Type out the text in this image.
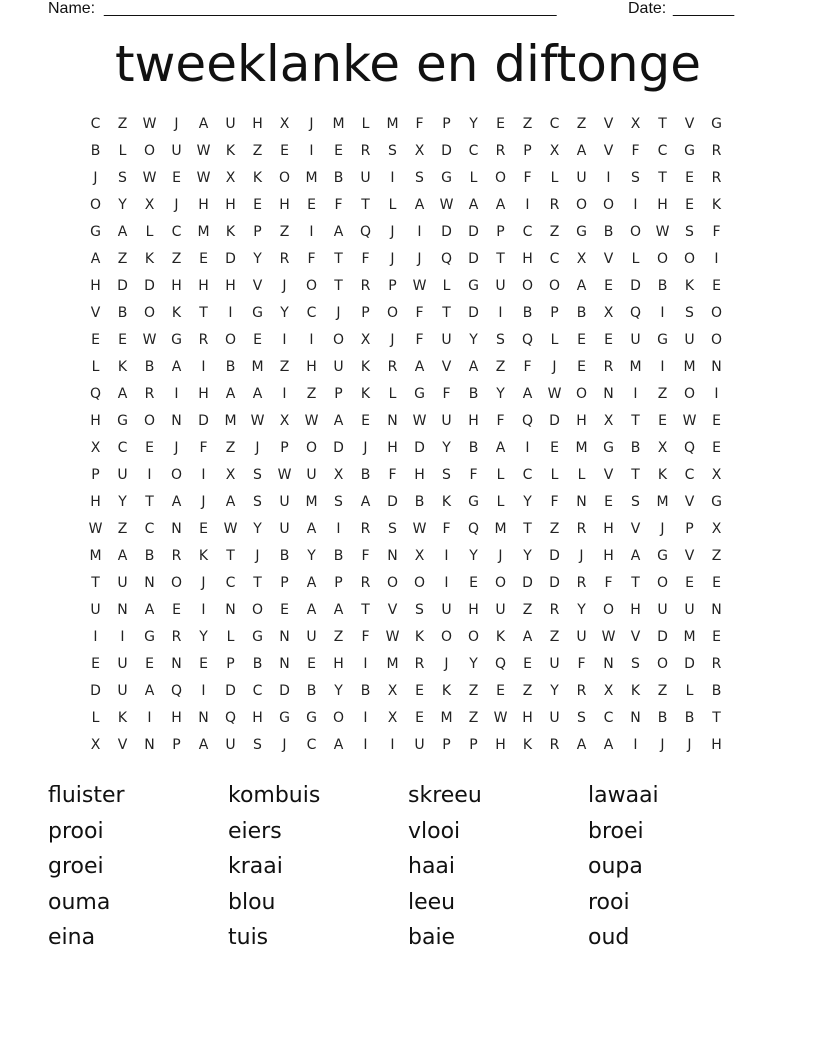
Name: ____________________________________________________	Date: _______
tweeklanke en diftonge
C	Z	W	J	A	U	H	X	J	M	L	M	F	P	Y	E	Z	C	Z	V	X	T	V	G
B	L	O	U	W	K	Z	E	I	E	R	S	X	D	C	R	P	X	A	V	F	C	G	R
J	S	W	E	W	X	K	O	M	B	U	I	S	G	L	O	F	L	U	I	S	T	E	R
O	Y	X	J	H	H	E	H	E	F	T	L	A	W	A	A	I	R	O	O	I	H	E	K
G	A	L	C	M	K	P	Z	I	A	Q	J	I	D	D	P	C	Z	G	B	O	W	S	F
A	Z	K	Z	E	D	Y	R	F	T	F	J	J	Q	D	T	H	C	X	V	L	O	O	I
H	D	D	H	H	H	V	J	O	T	R	P	W	L	G	U	O	O	A	E	D	B	K	E
V	B	O	K	T	I	G	Y	C	J	P	O	F	T	D	I	B	P	B	X	Q	I	S	O
E	E	W	G	R	O	E	I	I	O	X	J	F	U	Y	S	Q	L	E	E	U	G	U	O
L	K	B	A	I	B	M	Z	H	U	K	R	A	V	A	Z	F	J	E	R	M	I	M	N
Q	A	R	I	H	A	A	I	Z	P	K	L	G	F	B	Y	A	W	O	N	I	Z	O	I
H	G	O	N	D	M	W	X	W	A	E	N	W	U	H	F	Q	D	H	X	T	E	W	E
X	C	E	J	F	Z	J	P	O	D	J	H	D	Y	B	A	I	E	M	G	B	X	Q	E
P	U	I	O	I	X	S	W	U	X	B	F	H	S	F	L	C	L	L	V	T	K	C	X
H	Y	T	A	J	A	S	U	M	S	A	D	B	K	G	L	Y	F	N	E	S	M	V	G
W	Z	C	N	E	W	Y	U	A	I	R	S	W	F	Q	M	T	Z	R	H	V	J	P	X
M	A	B	R	K	T	J	B	Y	B	F	N	X	I	Y	J	Y	D	J	H	A	G	V	Z
T	U	N	O	J	C	T	P	A	P	R	O	O	I	E	O	D	D	R	F	T	O	E	E
U	N	A	E	I	N	O	E	A	A	T	V	S	U	H	U	Z	R	Y	O	H	U	U	N
I	I	G	R	Y	L	G	N	U	Z	F	W	K	O	O	K	A	Z	U	W	V	D	M	E
E	U	E	N	E	P	B	N	E	H	I	M	R	J	Y	Q	E	U	F	N	S	O	D	R
D	U	A	Q	I	D	C	D	B	Y	B	X	E	K	Z	E	Z	Y	R	X	K	Z	L	B
L	K	I	H	N	Q	H	G	G	O	I	X	E	M	Z	W	H	U	S	C	N	B	B	T
X	V	N	P	A	U	S	J	C	A	I	I	U	P	P	H	K	R	A	A	I	J	J	H
fluister	kombuis	skreeu	lawaai
prooi	eiers	vlooi	broei
groei	kraai	haai	oupa
ouma	blou	leeu	rooi
eina	tuis	baie	oud
